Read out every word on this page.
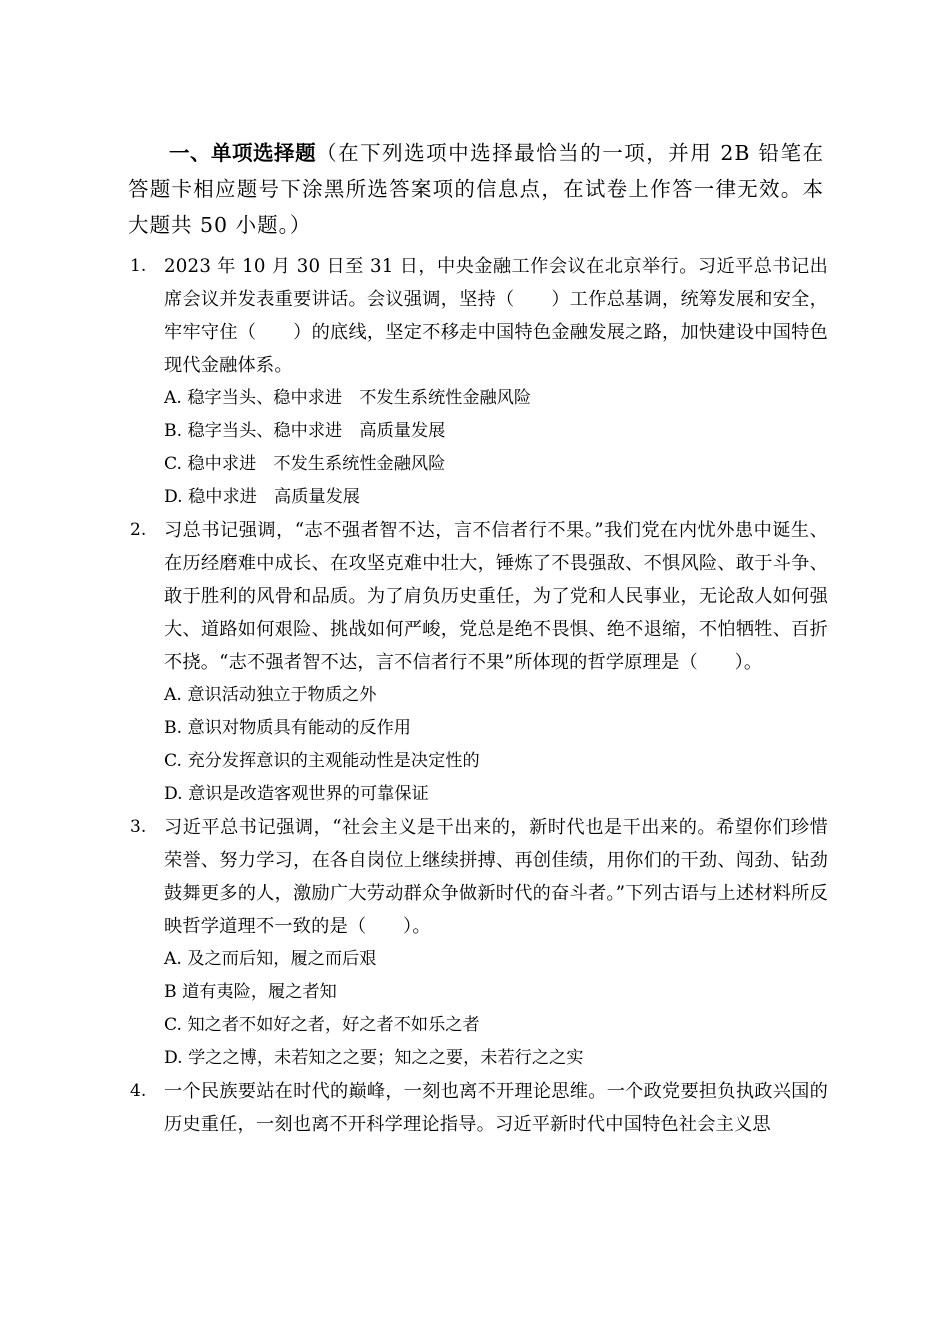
一、单项选择题（在下列选项中选择最恰当的一项，并用 2B 铅笔在答题卡相应题号下涂黑所选答案项的信息点，在试卷上作答一律无效。本大题共 50 小题。）
1. 2023 年 10 月 30 日至 31 日，中央金融工作会议在北京举行。习近平总书记出席会议并发表重要讲话。会议强调，坚持（　　）工作总基调，统筹发展和安全，牢牢守住（　　）的底线，坚定不移走中国特色金融发展之路，加快建设中国特色现代金融体系。
A. 稳字当头、稳中求进　不发生系统性金融风险
B. 稳字当头、稳中求进　高质量发展
C. 稳中求进　不发生系统性金融风险
D. 稳中求进　高质量发展
2. 习总书记强调，“志不强者智不达，言不信者行不果。”我们党在内忧外患中诞生、在历经磨难中成长、在攻坚克难中壮大，锤炼了不畏强敌、不惧风险、敢于斗争、敢于胜利的风骨和品质。为了肩负历史重任，为了党和人民事业，无论敌人如何强大、道路如何艰险、挑战如何严峻，党总是绝不畏惧、绝不退缩，不怕牺牲、百折不挠。“志不强者智不达，言不信者行不果”所体现的哲学原理是（　　）。
A. 意识活动独立于物质之外
B. 意识对物质具有能动的反作用
C. 充分发挥意识的主观能动性是决定性的
D. 意识是改造客观世界的可靠保证
3. 习近平总书记强调，“社会主义是干出来的，新时代也是干出来的。希望你们珍惜荣誉、努力学习，在各自岗位上继续拼搏、再创佳绩，用你们的干劲、闯劲、钻劲鼓舞更多的人，激励广大劳动群众争做新时代的奋斗者。”下列古语与上述材料所反映哲学道理不一致的是（　　）。
A. 及之而后知，履之而后艰
B 道有夷险，履之者知
C. 知之者不如好之者，好之者不如乐之者
D. 学之之博，未若知之之要；知之之要，未若行之之实
4. 一个民族要站在时代的巅峰，一刻也离不开理论思维。一个政党要担负执政兴国的历史重任，一刻也离不开科学理论指导。习近平新时代中国特色社会主义思
